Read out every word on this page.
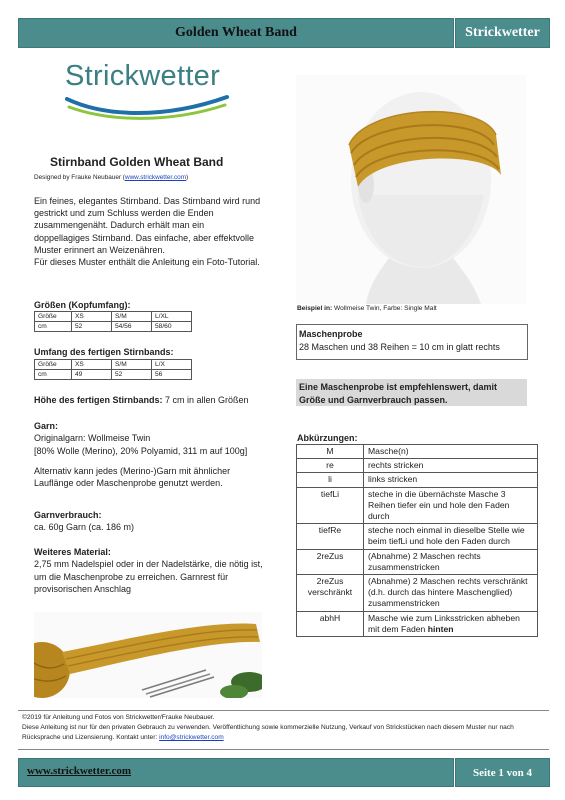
Golden Wheat Band	Strickwetter
Strickwetter
Stirnband Golden Wheat Band
Designed by Frauke Neubauer (www.strickwetter.com)
Ein feines, elegantes Stirnband. Das Stirnband wird rund gestrickt und zum Schluss werden die Enden zusammengenäht. Dadurch erhält man ein doppellagiges Stirnband. Das einfache, aber effektvolle Muster erinnert an Weizenähren.
Für dieses Muster enthält die Anleitung ein Foto-Tutorial.
Größen (Kopfumfang):
Größe	XS	S/M	L/XL
cm	52	54/56	58/60
Umfang des fertigen Stirnbands:
Größe	XS	S/M	L/X
cm	49	52	56
Höhe des fertigen Stirnbands: 7 cm in allen Größen
Garn:
Originalgarn: Wollmeise Twin
[80% Wolle (Merino), 20% Polyamid, 311 m auf 100g]
Alternativ kann jedes (Merino-)Garn mit ähnlicher Lauflänge oder Maschenprobe genutzt werden.
Garnverbrauch:
ca. 60g Garn (ca. 186 m)
Weiteres Material:
2,75 mm Nadelspiel oder in der Nadelstärke, die nötig ist, um die Maschenprobe zu erreichen. Garnrest für provisorischen Anschlag
Beispiel in: Wollmeise Twin, Farbe: Single Malt
Maschenprobe
28 Maschen und 38 Reihen = 10 cm in glatt rechts
Eine Maschenprobe ist empfehlenswert, damit Größe und Garnverbrauch passen.
Abkürzungen:
M	Masche(n)
re	rechts stricken
li	links stricken
tiefLi	steche in die übernächste Masche 3 Reihen tiefer ein und hole den Faden durch
tiefRe	steche noch einmal in dieselbe Stelle wie beim tiefLi und hole den Faden durch
2reZus	(Abnahme) 2 Maschen rechts zusammenstricken
2reZus verschränkt	(Abnahme) 2 Maschen rechts verschränkt (d.h. durch das hintere Maschenglied) zusammenstricken
abhH	Masche wie zum Linksstricken abheben mit dem Faden hinten
©2019 für Anleitung und Fotos von Strickwetter/Frauke Neubauer.
Diese Anleitung ist nur für den privaten Gebrauch zu verwenden. Veröffentlichung sowie kommerzielle Nutzung, Verkauf von Strickstücken nach diesem Muster nur nach Rücksprache und Lizensierung. Kontakt unter: info@strickwetter.com
www.strickwetter.com	Seite 1 von 4
